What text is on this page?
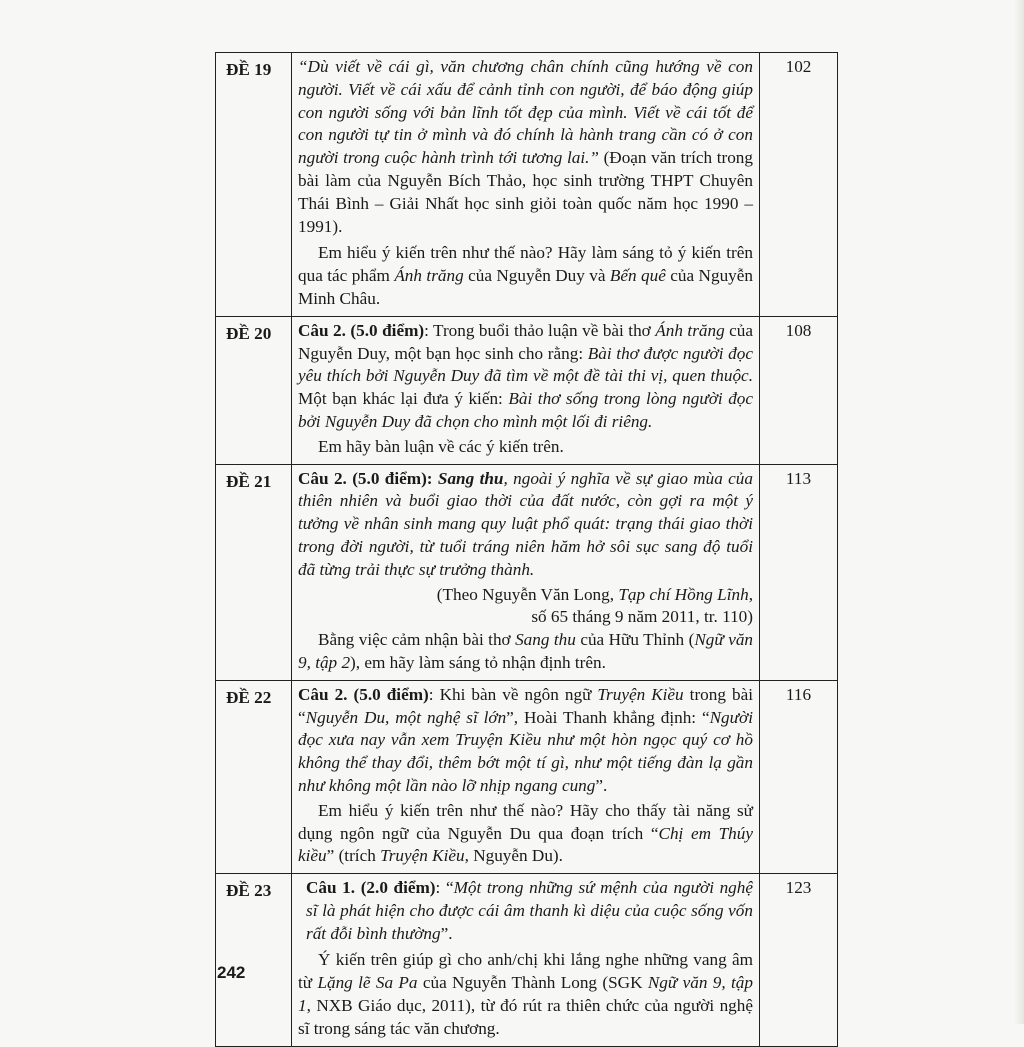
ĐỀ 19	“Dù viết về cái gì, văn chương chân chính cũng hướng về con người. Viết về cái xấu để cảnh tỉnh con người, để báo động giúp con người sống với bản lĩnh tốt đẹp của mình. Viết về cái tốt để con người tự tin ở mình và đó chính là hành trang cần có ở con người trong cuộc hành trình tới tương lai.” (Đoạn văn trích trong bài làm của Nguyễn Bích Thảo, học sinh trường THPT Chuyên Thái Bình – Giải Nhất học sinh giỏi toàn quốc năm học 1990 – 1991).

Em hiểu ý kiến trên như thế nào? Hãy làm sáng tỏ ý kiến trên qua tác phẩm Ánh trăng của Nguyễn Duy và Bến quê của Nguyễn Minh Châu.	102
ĐỀ 20	Câu 2. (5.0 điểm): Trong buổi thảo luận về bài thơ Ánh trăng của Nguyễn Duy, một bạn học sinh cho rằng: Bài thơ được người đọc yêu thích bởi Nguyễn Duy đã tìm về một đề tài thi vị, quen thuộc. Một bạn khác lại đưa ý kiến: Bài thơ sống trong lòng người đọc bởi Nguyễn Duy đã chọn cho mình một lối đi riêng.

Em hãy bàn luận về các ý kiến trên.	108
ĐỀ 21	Câu 2. (5.0 điểm): Sang thu, ngoài ý nghĩa về sự giao mùa của thiên nhiên và buổi giao thời của đất nước, còn gợi ra một ý tưởng về nhân sinh mang quy luật phổ quát: trạng thái giao thời trong đời người, từ tuổi tráng niên hăm hở sôi sục sang độ tuổi đã từng trải thực sự trưởng thành.

(Theo Nguyễn Văn Long, Tạp chí Hồng Lĩnh,

số 65 tháng 9 năm 2011, tr. 110)

Bằng việc cảm nhận bài thơ Sang thu của Hữu Thỉnh (Ngữ văn 9, tập 2), em hãy làm sáng tỏ nhận định trên.	113
ĐỀ 22	Câu 2. (5.0 điểm): Khi bàn về ngôn ngữ Truyện Kiều trong bài “Nguyễn Du, một nghệ sĩ lớn”, Hoài Thanh khẳng định: “Người đọc xưa nay vẫn xem Truyện Kiều như một hòn ngọc quý cơ hồ không thể thay đổi, thêm bớt một tí gì, như một tiếng đàn lạ gần như không một lần nào lỡ nhịp ngang cung”.

Em hiểu ý kiến trên như thế nào? Hãy cho thấy tài năng sử dụng ngôn ngữ của Nguyễn Du qua đoạn trích “Chị em Thúy kiều” (trích Truyện Kiều, Nguyễn Du).	116
ĐỀ 23	Câu 1. (2.0 điểm): “Một trong những sứ mệnh của người nghệ sĩ là phát hiện cho được cái âm thanh kì diệu của cuộc sống vốn rất đỗi bình thường”.

Ý kiến trên giúp gì cho anh/chị khi lắng nghe những vang âm từ Lặng lẽ Sa Pa của Nguyễn Thành Long (SGK Ngữ văn 9, tập 1, NXB Giáo dục, 2011), từ đó rút ra thiên chức của người nghệ sĩ trong sáng tác văn chương.	123
242
